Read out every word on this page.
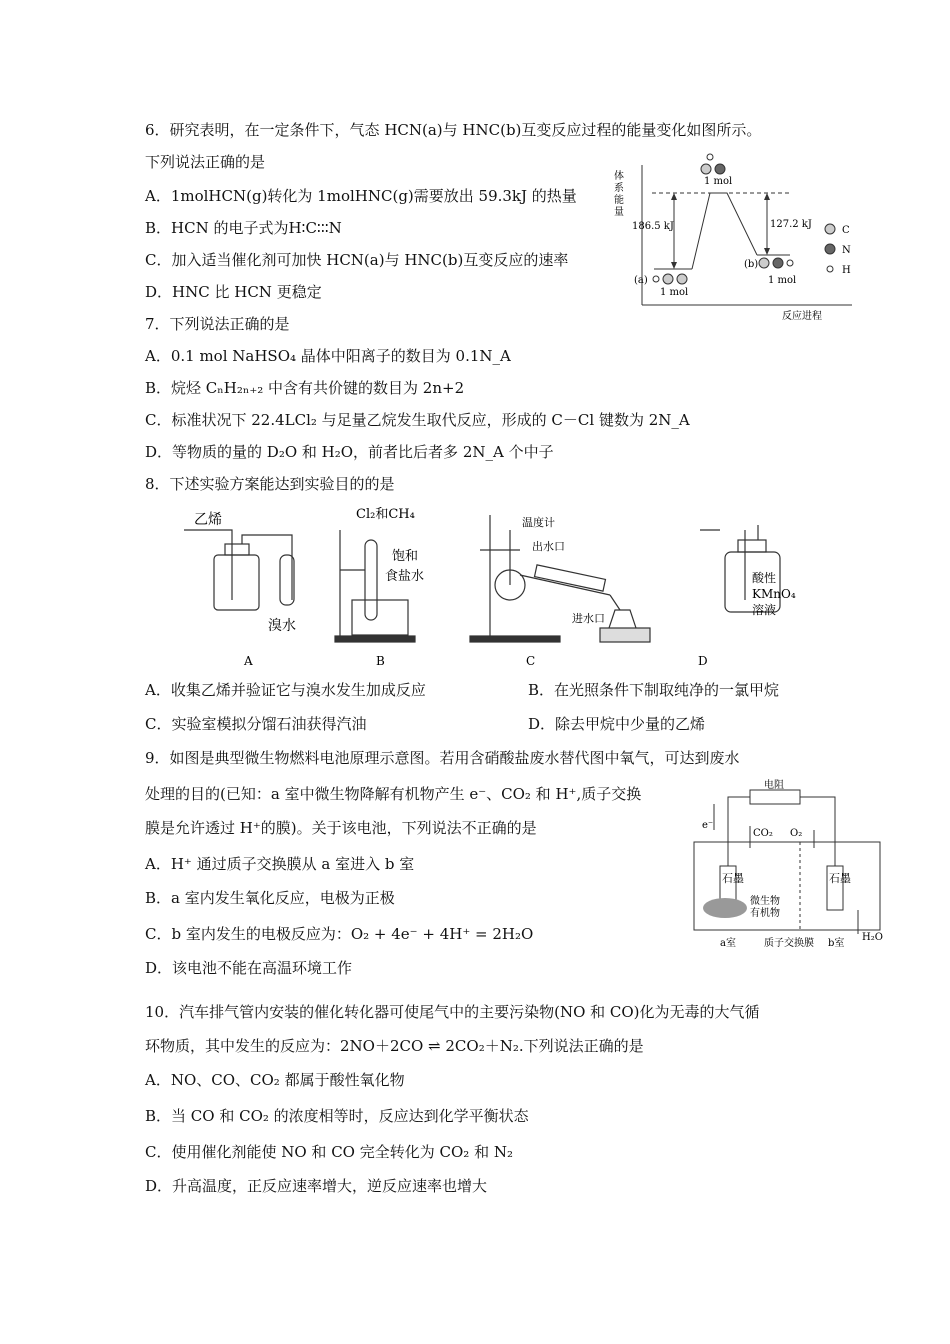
6．研究表明，在一定条件下，气态 HCN(a)与 HNC(b)互变反应过程的能量变化如图所示。
下列说法正确的是
A．1molHCN(g)转化为 1molHNC(g)需要放出 59.3kJ 的热量
B．HCN 的电子式为H∶C∶∶∶N
C．加入适当催化剂可加快 HCN(a)与 HNC(b)互变反应的速率
D．HNC 比 HCN 更稳定
体
系
能
量
反应进程
186.5 kJ	127.2 kJ
1 mol
(a)
1 mol
(b)
1 mol
C
N
H
7．下列说法正确的是
A．0.1 mol NaHSO₄ 晶体中阳离子的数目为 0.1N_A
B．烷烃 CₙH₂ₙ₊₂ 中含有共价键的数目为 2n+2
C．标准状况下 22.4LCl₂ 与足量乙烷发生取代反应，形成的 C－Cl 键数为 2N_A
D．等物质的量的 D₂O 和 H₂O，前者比后者多 2N_A 个中子
8．下述实验方案能达到实验目的的是
乙烯
溴水
A
Cl₂和CH₄
饱和
食盐水
B
温度计
出水口
进水口
C
酸性
KMnO₄
溶液
D
A．收集乙烯并验证它与溴水发生加成反应	B．在光照条件下制取纯净的一氯甲烷
C．实验室模拟分馏石油获得汽油	D．除去甲烷中少量的乙烯
9．如图是典型微生物燃料电池原理示意图。若用含硝酸盐废水替代图中氧气，可达到废水
处理的目的(已知：a 室中微生物降解有机物产生 e⁻、CO₂ 和 H⁺,质子交换
膜是允许透过 H⁺的膜)。关于该电池，下列说法不正确的是
A．H⁺ 通过质子交换膜从 a 室进入 b 室
B．a 室内发生氧化反应，电极为正极
C．b 室内发生的电极反应为：O₂ + 4e⁻ + 4H⁺ = 2H₂O
D．该电池不能在高温环境工作
电阻
e⁻
CO₂ O₂
石墨	石墨
微生物
有机物
a室	质子交换膜 b室
H₂O
10．汽车排气管内安装的催化转化器可使尾气中的主要污染物(NO 和 CO)化为无毒的大气循
环物质，其中发生的反应为：2NO＋2CO ⇌ 2CO₂＋N₂.下列说法正确的是
A．NO、CO、CO₂ 都属于酸性氧化物
B．当 CO 和 CO₂ 的浓度相等时，反应达到化学平衡状态
C．使用催化剂能使 NO 和 CO 完全转化为 CO₂ 和 N₂
D．升高温度，正反应速率增大，逆反应速率也增大
